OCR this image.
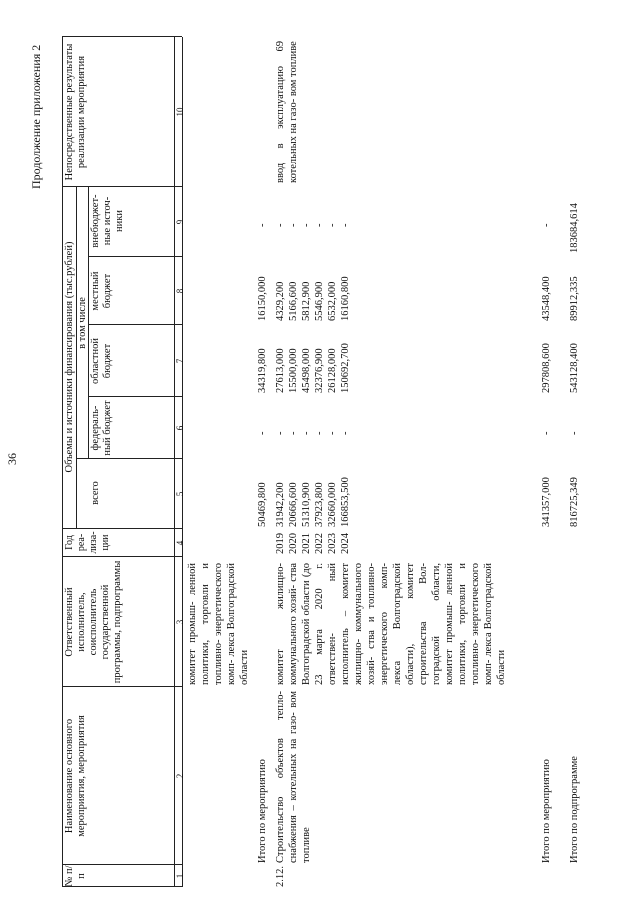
36
Продолжение приложения 2
№ п/п
Наименование основного мероприятия, мероприятия
Ответственный исполнитель, соисполнитель государственной программы, подпрограммы
Год реа- лиза- ции
Объемы и источники финансирования (тыс.рублей)
всего
в том числе
федераль- ный бюджет
областной бюджет
местный бюджет
внебюджет- ные источ- ники
Непосредственные результаты реализации мероприятия
1
2
3
4
5
6
7
8
9
10
комитет промыш- ленной политики, торговли и топливно- энергетического комп- лекса Волгоградской области
Итого по мероприятию
50469,800
-
34319,800
16150,000
-
2.12.
Строительство объектов тепло- снабжения – котельных на газо- вом топливе
комитет жилищно- коммунального хозяй- ства Волгоградской области (до 23 марта 2020 г. ответствен- ный исполнитель – комитет жилищно- коммунального хозяй- ства и топливно- энергетического комп- лекса Волгоградской области), комитет строительства Вол- гоградской области, комитет промыш- ленной политики, торговли и топливно- энергетического комп- лекса Волгоградской области
ввод в эксплуатацию 69 котельных на газо- вом топливе
2019
31942,200
-
27613,000
4329,200
-
2020
20666,600
-
15500,000
5166,600
-
2021
51310,900
-
45498,000
5812,900
-
2022
37923,800
-
32376,900
5546,900
-
2023
32660,000
-
26128,000
6532,000
-
2024
166853,500
-
150692,700
16160,800
-
Итого по мероприятию
341357,000
-
297808,600
43548,400
-
Итого по подпрограмме
816725,349
-
543128,400
89912,335
183684,614
